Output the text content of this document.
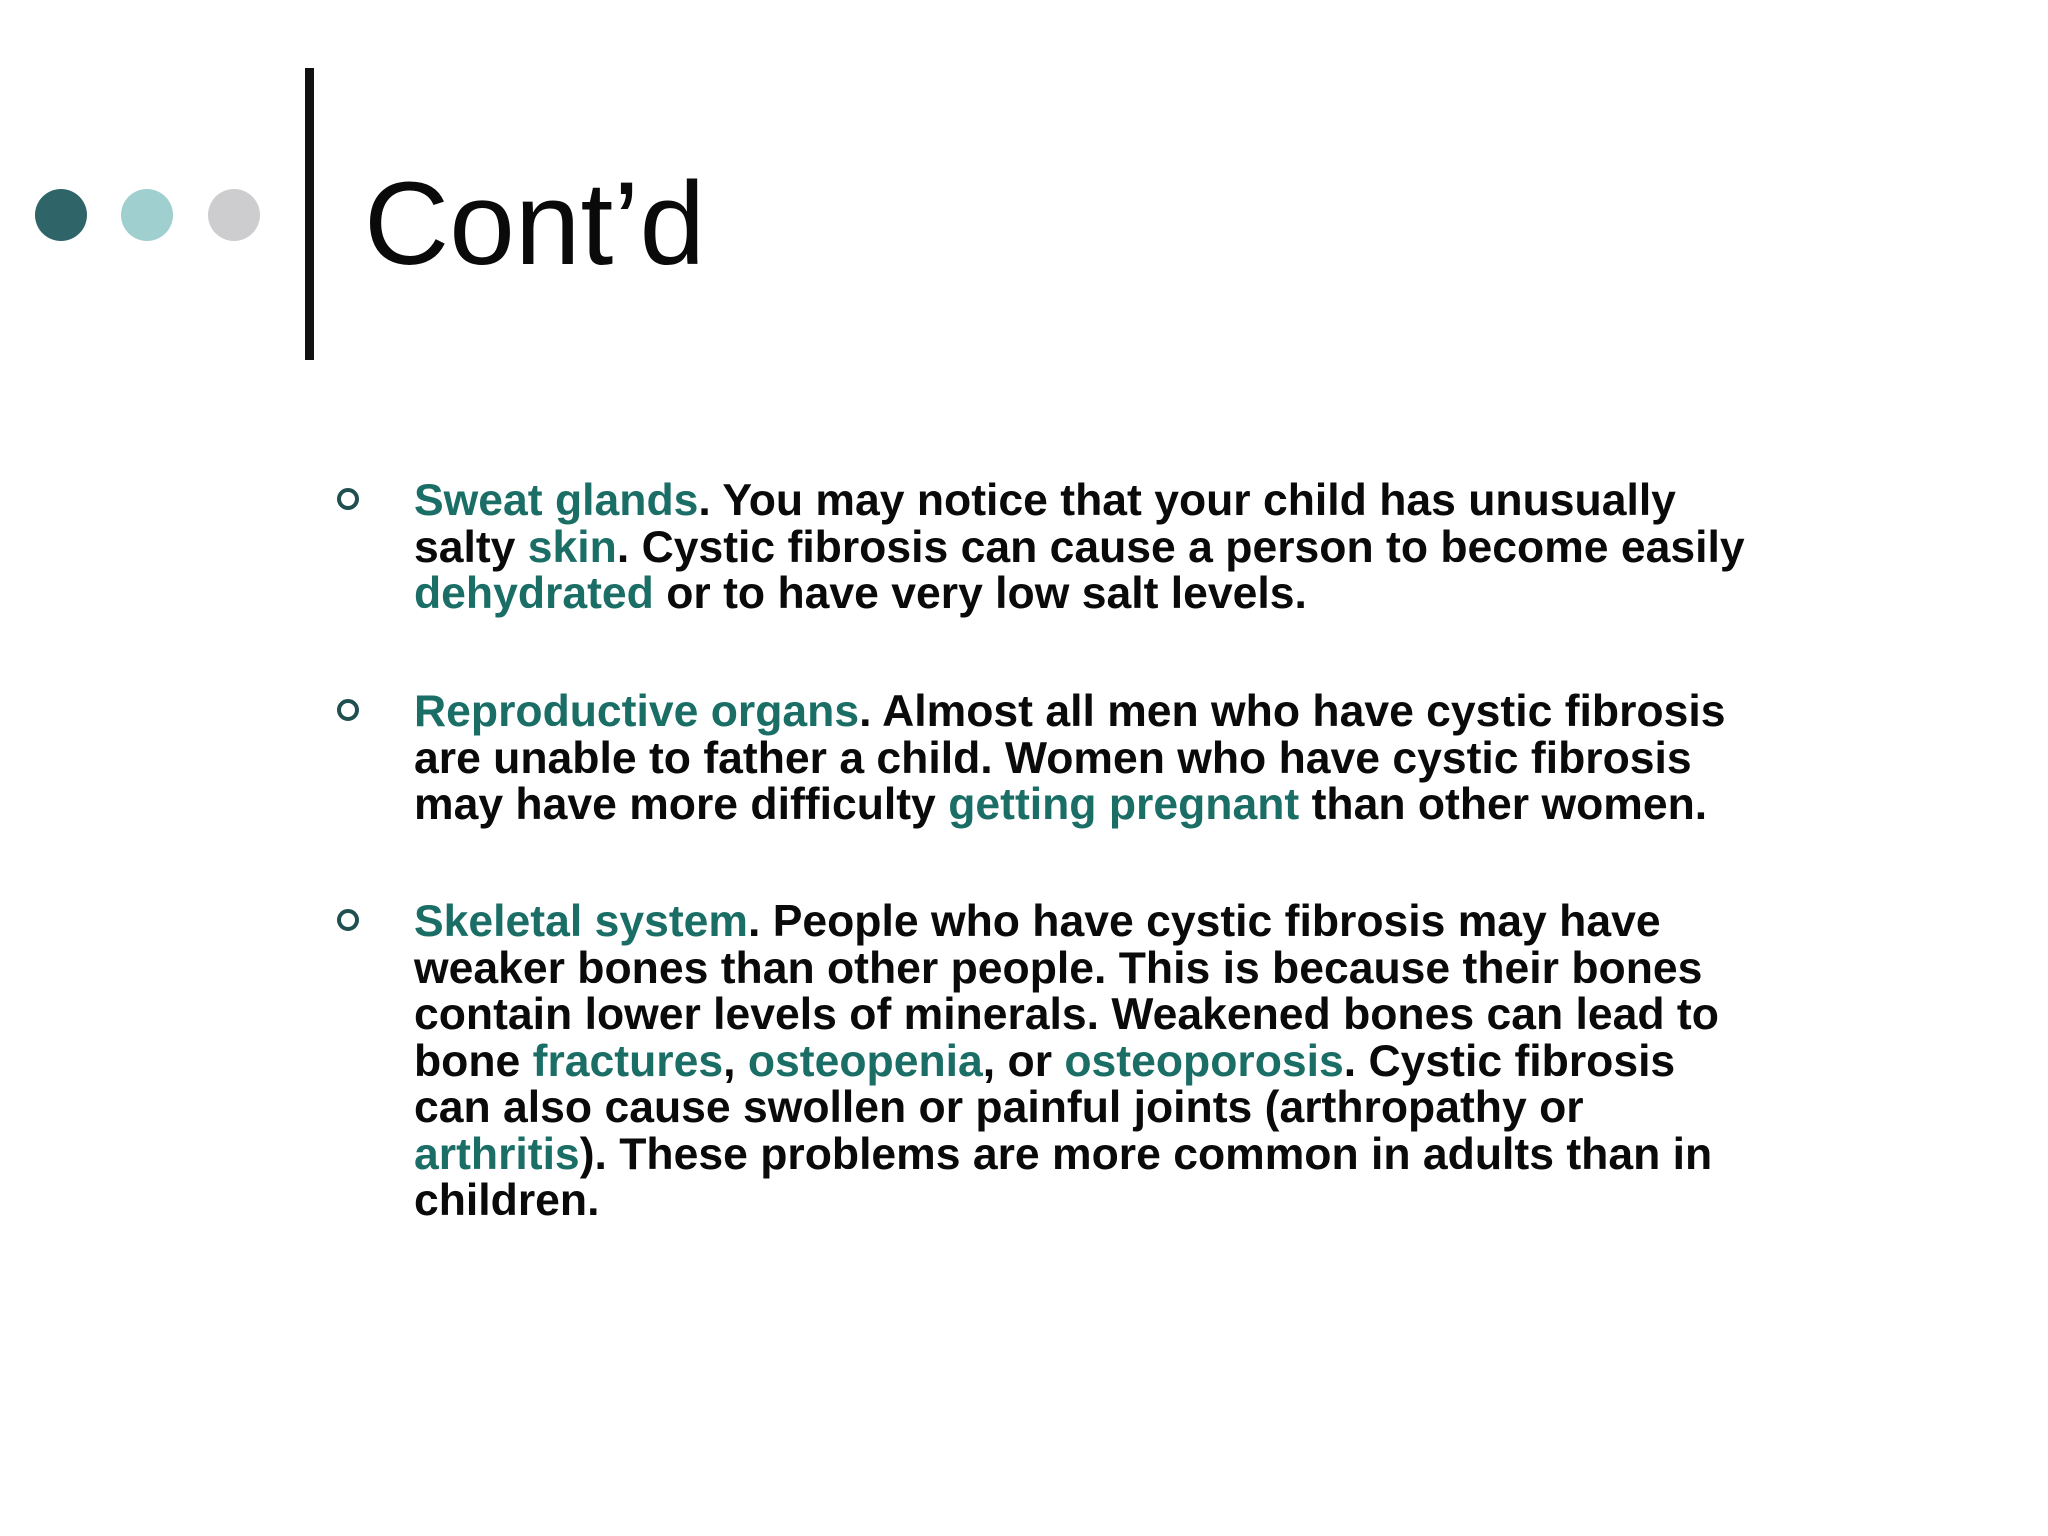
Cont’d
Sweat glands. You may notice that your child has unusually
salty skin. Cystic fibrosis can cause a person to become easily
dehydrated or to have very low salt levels.
Reproductive organs. Almost all men who have cystic fibrosis
are unable to father a child. Women who have cystic fibrosis
may have more difficulty getting pregnant than other women.
Skeletal system. People who have cystic fibrosis may have
weaker bones than other people. This is because their bones
contain lower levels of minerals. Weakened bones can lead to
bone fractures, osteopenia, or osteoporosis. Cystic fibrosis
can also cause swollen or painful joints (arthropathy or
arthritis). These problems are more common in adults than in
children.
